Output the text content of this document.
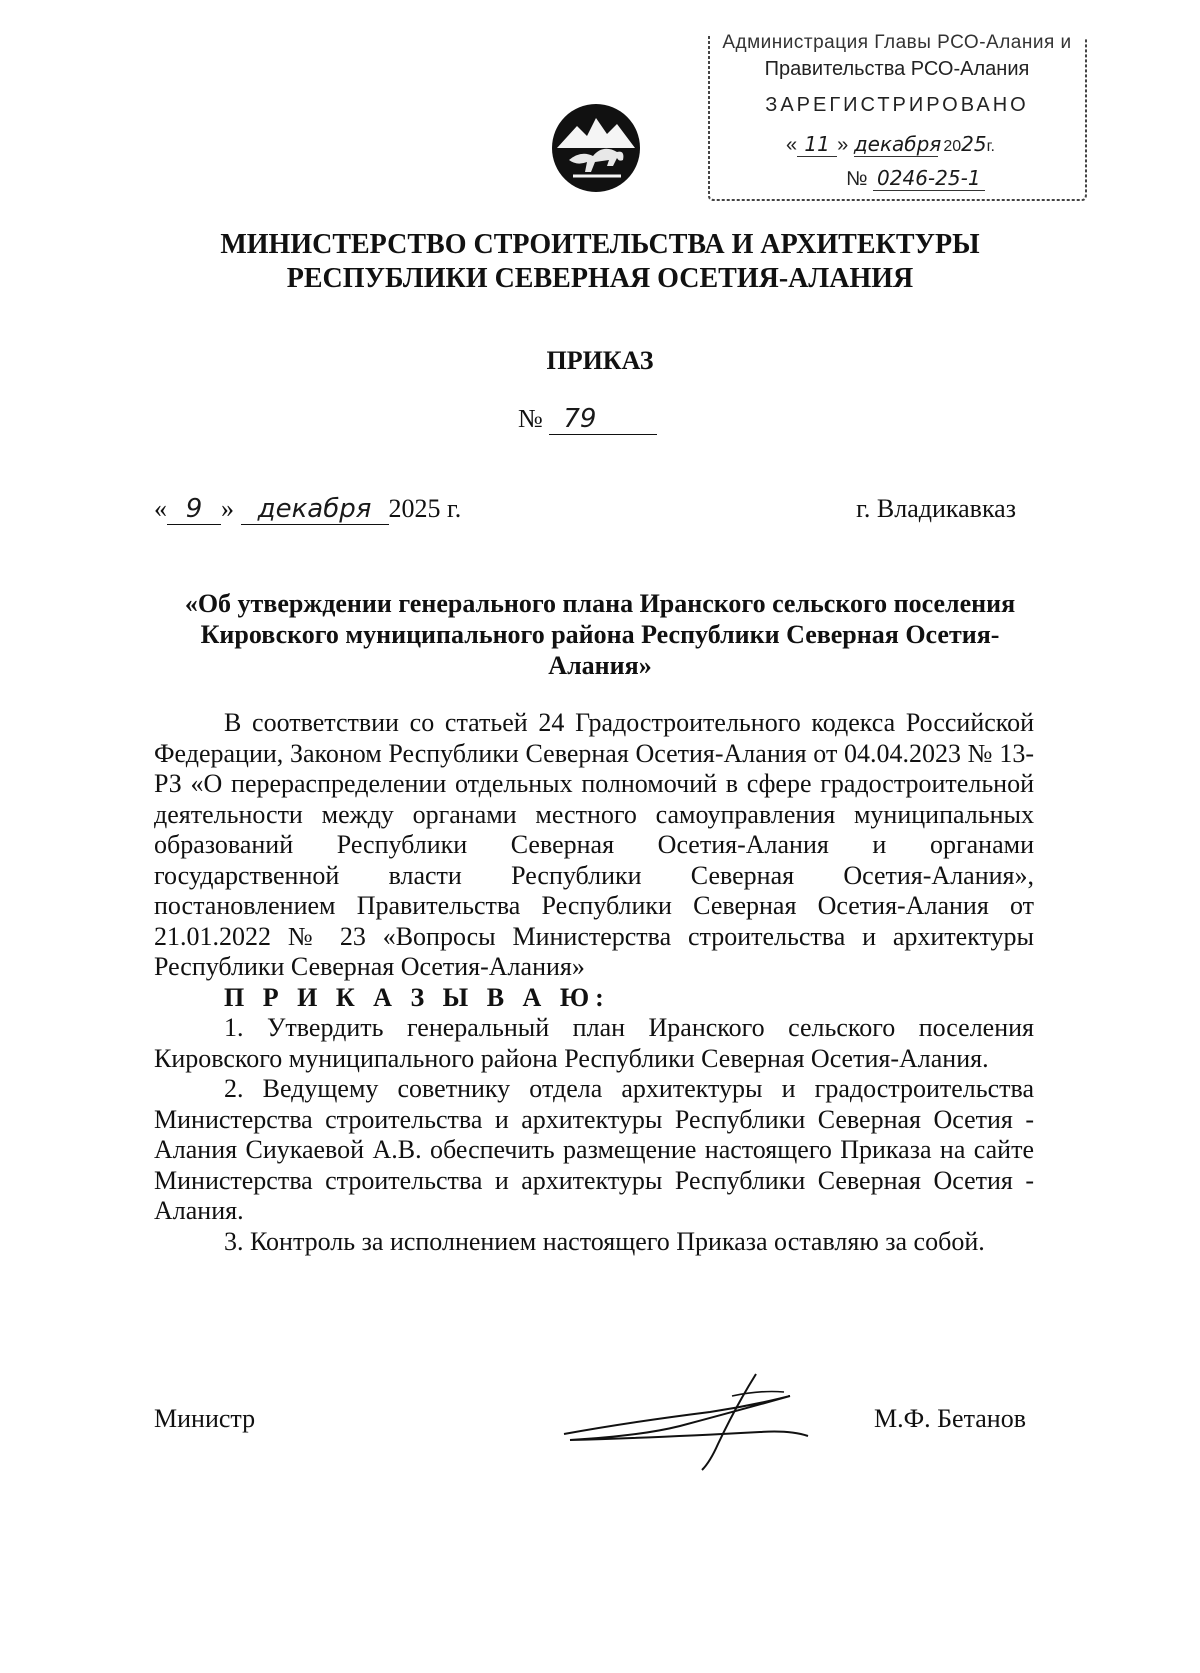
Администрация Главы РСО-Алания и
Правительства РСО-Алания
ЗАРЕГИСТРИРОВАНО
« 11 » декабря 2025г.
№ 0246-25-1
МИНИСТЕРСТВО СТРОИТЕЛЬСТВА И АРХИТЕКТУРЫ
РЕСПУБЛИКИ СЕВЕРНАЯ ОСЕТИЯ-АЛАНИЯ
ПРИКАЗ
№ 79
« 9 » декабря 2025 г.	г. Владикавказ
«Об утверждении генерального плана Иранского сельского поселения
Кировского муниципального района Республики Северная Осетия-
Алания»

В соответствии со статьей 24 Градостроительного кодекса Российской Федерации, Законом Республики Северная Осетия-Алания от 04.04.2023 № 13-РЗ «О перераспределении отдельных полномочий в сфере градостроительной деятельности между органами местного самоуправления муниципальных образований Республики Северная Осетия-Алания и органами государственной власти Республики Северная Осетия-Алания», постановлением Правительства Республики Северная Осетия-Алания от 21.01.2022 № 23 «Вопросы Министерства строительства и архитектуры Республики Северная Осетия-Алания»

П Р И К А З Ы В А Ю:

1. Утвердить генеральный план Иранского сельского поселения Кировского муниципального района Республики Северная Осетия-Алания.

2. Ведущему советнику отдела архитектуры и градостроительства Министерства строительства и архитектуры Республики Северная Осетия - Алания Сиукаевой А.В. обеспечить размещение настоящего Приказа на сайте Министерства строительства и архитектуры Республики Северная Осетия - Алания.

3. Контроль за исполнением настоящего Приказа оставляю за собой.

Министр	М.Ф. Бетанов
